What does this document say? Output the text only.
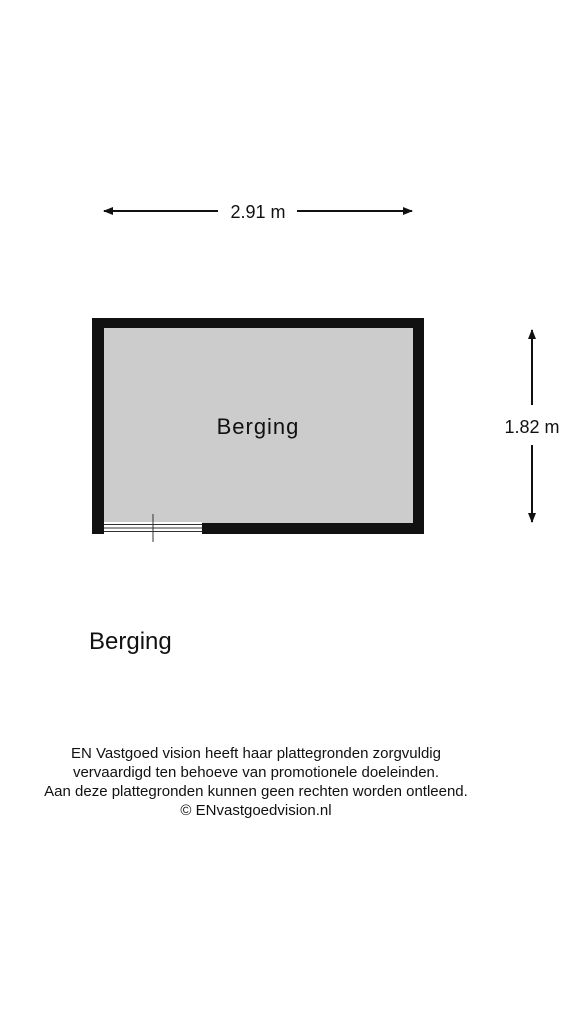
2.91 m
1.82 m
Berging
Berging
EN Vastgoed vision heeft haar plattegronden zorgvuldig
vervaardigd ten behoeve van promotionele doeleinden.
Aan deze plattegronden kunnen geen rechten worden ontleend.
© ENvastgoedvision.nl
